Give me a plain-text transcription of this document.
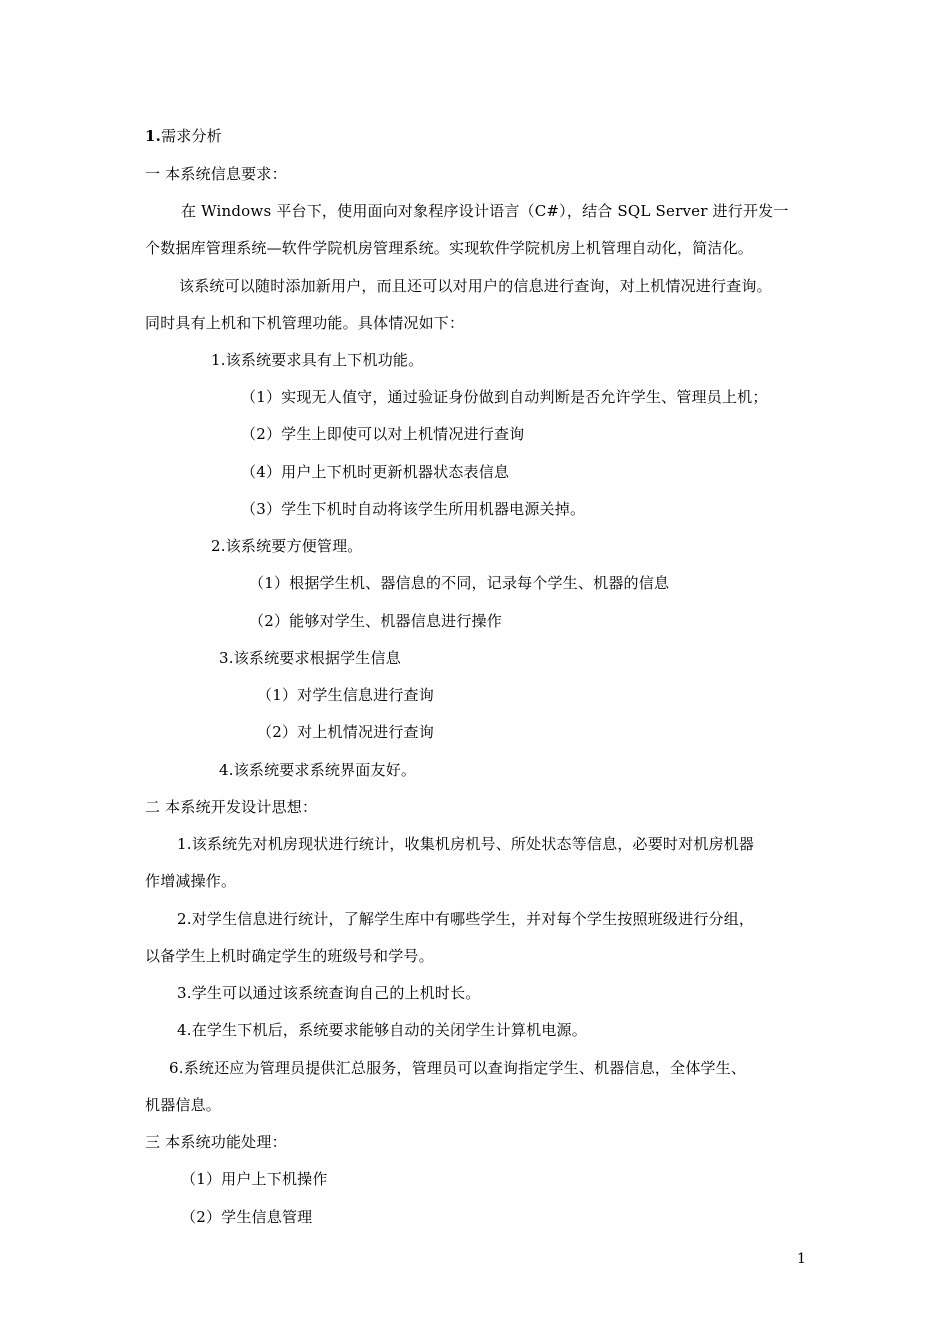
1.需求分析
一 本系统信息要求：
在 Windows 平台下，使用面向对象程序设计语言（C#），结合 SQL Server 进行开发一
个数据库管理系统—软件学院机房管理系统。实现软件学院机房上机管理自动化，简洁化。
该系统可以随时添加新用户，而且还可以对用户的信息进行查询，对上机情况进行查询。
同时具有上机和下机管理功能。具体情况如下：
1.该系统要求具有上下机功能。
（1）实现无人值守，通过验证身份做到自动判断是否允许学生、管理员上机；
（2）学生上即使可以对上机情况进行查询
（4）用户上下机时更新机器状态表信息
（3）学生下机时自动将该学生所用机器电源关掉。
2.该系统要方便管理。
（1）根据学生机、器信息的不同，记录每个学生、机器的信息
（2）能够对学生、机器信息进行操作
3.该系统要求根据学生信息
（1）对学生信息进行查询
（2）对上机情况进行查询
4.该系统要求系统界面友好。
二 本系统开发设计思想：
1.该系统先对机房现状进行统计，收集机房机号、所处状态等信息，必要时对机房机器
作增减操作。
2.对学生信息进行统计，了解学生库中有哪些学生，并对每个学生按照班级进行分组，
以备学生上机时确定学生的班级号和学号。
3.学生可以通过该系统查询自己的上机时长。
4.在学生下机后，系统要求能够自动的关闭学生计算机电源。
6.系统还应为管理员提供汇总服务，管理员可以查询指定学生、机器信息，全体学生、
机器信息。
三 本系统功能处理：
（1）用户上下机操作
（2）学生信息管理
1
